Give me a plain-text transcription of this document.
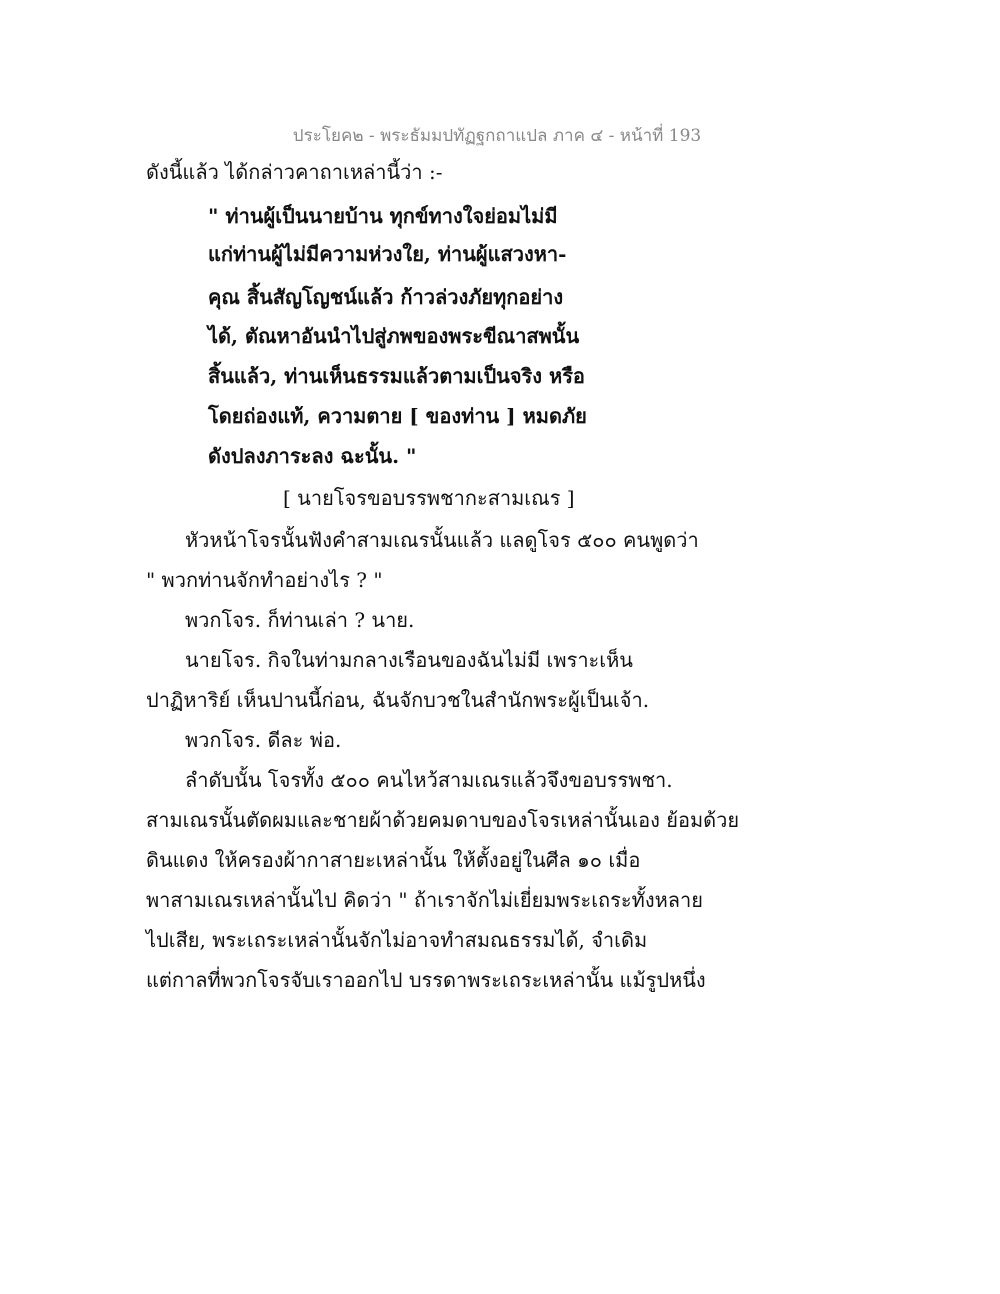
ประโยค๒ - พระธัมมปทัฏฐกถาแปล ภาค ๔ - หน้าที่ 193
ดังนี้แล้ว ได้กล่าวคาถาเหล่านี้ว่า :-
" ท่านผู้เป็นนายบ้าน ทุกข์ทางใจย่อมไม่มี
แก่ท่านผู้ไม่มีความห่วงใย, ท่านผู้แสวงหา-
คุณ สิ้นสัญโญชน์แล้ว ก้าวล่วงภัยทุกอย่าง
ได้, ตัณหาอันนำไปสู่ภพของพระขีณาสพนั้น
สิ้นแล้ว, ท่านเห็นธรรมแล้วตามเป็นจริง หรือ
โดยถ่องแท้, ความตาย [ ของท่าน ] หมดภัย
ดังปลงภาระลง ฉะนั้น. "
[ นายโจรขอบรรพชากะสามเณร ]
หัวหน้าโจรนั้นฟังคำสามเณรนั้นแล้ว แลดูโจร ๕๐๐ คนพูดว่า
" พวกท่านจักทำอย่างไร ? "
พวกโจร. ก็ท่านเล่า ? นาย.
นายโจร. กิจในท่ามกลางเรือนของฉันไม่มี เพราะเห็น
ปาฏิหาริย์ เห็นปานนี้ก่อน, ฉันจักบวชในสำนักพระผู้เป็นเจ้า.
พวกโจร. ดีละ พ่อ.
ลำดับนั้น โจรทั้ง ๕๐๐ คนไหว้สามเณรแล้วจึงขอบรรพชา.
สามเณรนั้นตัดผมและชายผ้าด้วยคมดาบของโจรเหล่านั้นเอง ย้อมด้วย
ดินแดง ให้ครองผ้ากาสายะเหล่านั้น ให้ตั้งอยู่ในศีล ๑๐ เมื่อ
พาสามเณรเหล่านั้นไป คิดว่า " ถ้าเราจักไม่เยี่ยมพระเถระทั้งหลาย
ไปเสีย, พระเถระเหล่านั้นจักไม่อาจทำสมณธรรมได้, จำเดิม
แต่กาลที่พวกโจรจับเราออกไป บรรดาพระเถระเหล่านั้น แม้รูปหนึ่ง
